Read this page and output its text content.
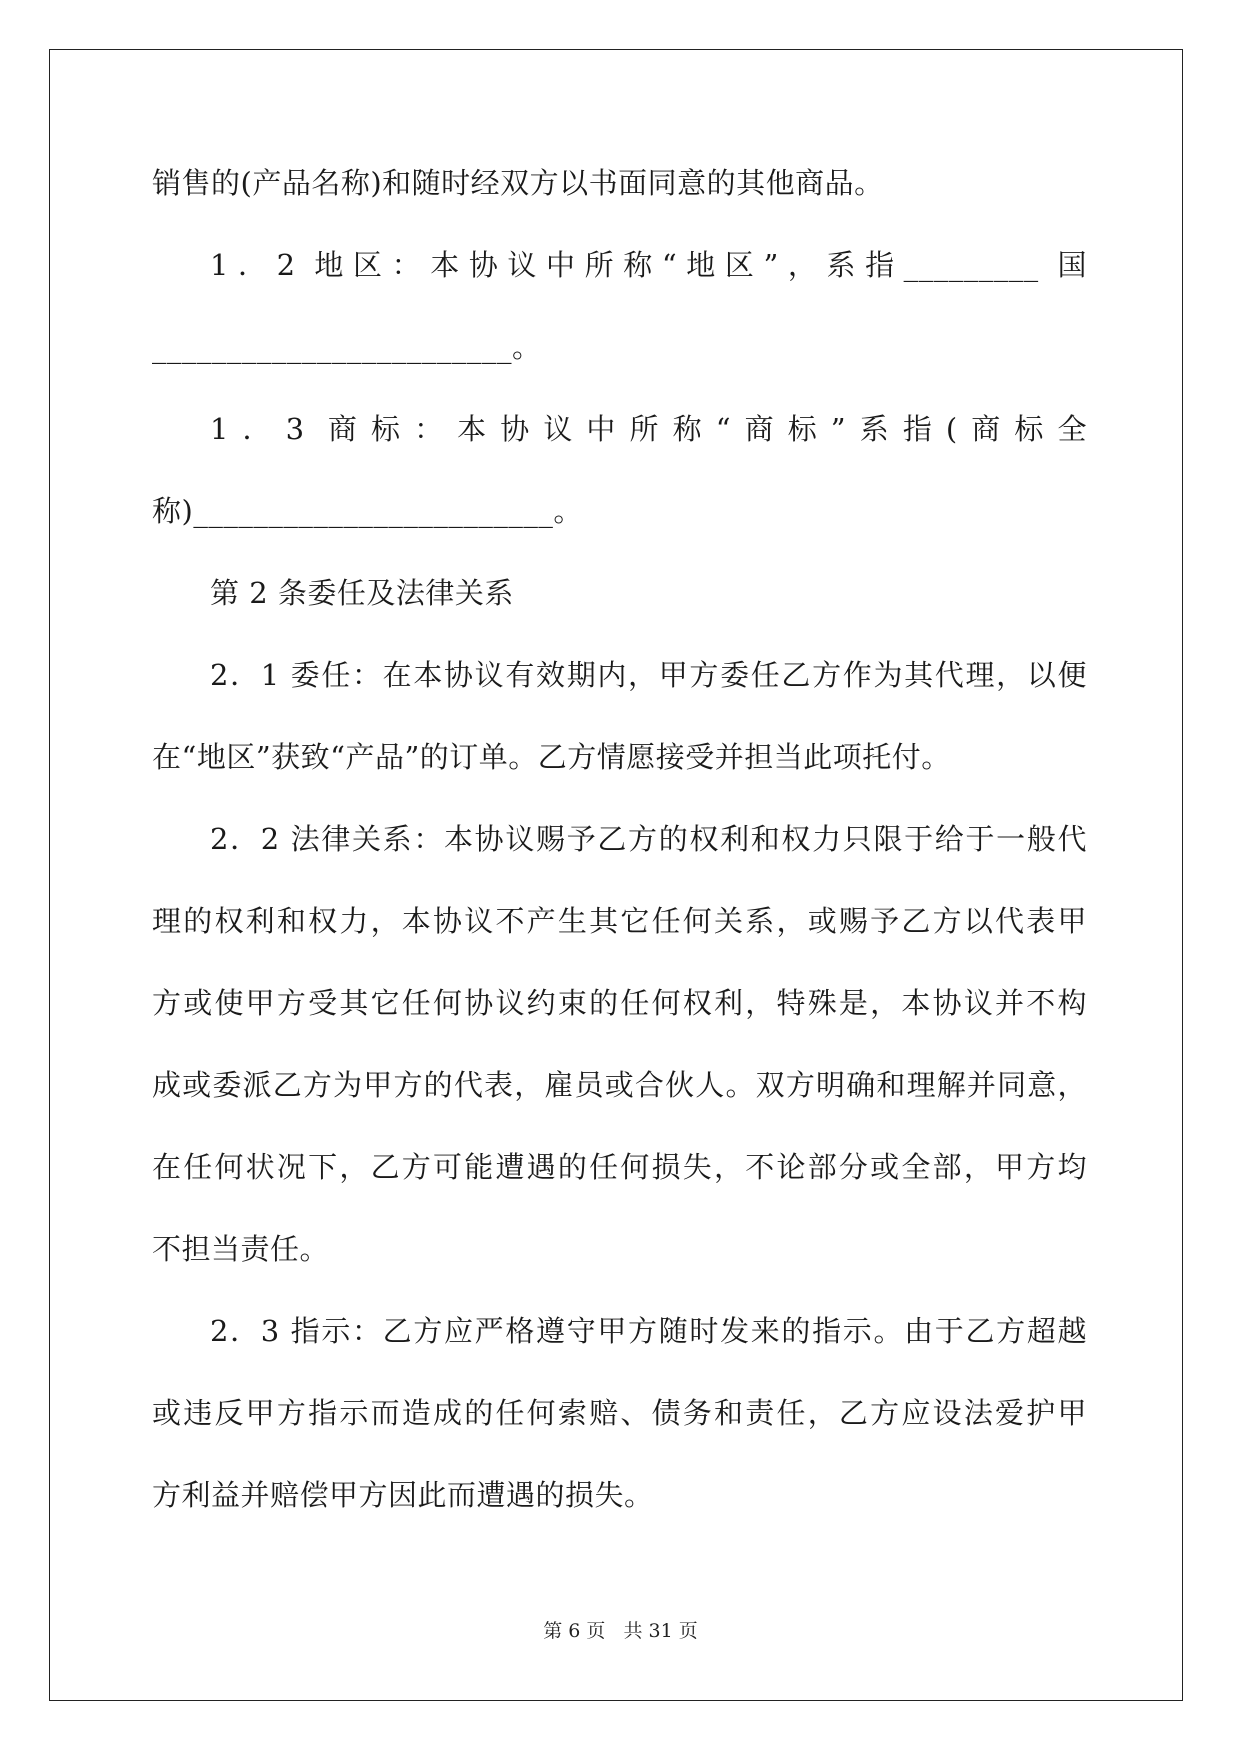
销售的(产品名称)和随时经双方以书面同意的其他商品。
1．2 地区：本协议中所称“地区”，系指_________ 国
________________________。
1．3 商标：本协议中所称“商标”系指(商标全
称)________________________。
第 2 条委任及法律关系
2．1 委任：在本协议有效期内，甲方委任乙方作为其代理，以便
在“地区”获致“产品”的订单。乙方情愿接受并担当此项托付。
2．2 法律关系：本协议赐予乙方的权利和权力只限于给于一般代
理的权利和权力，本协议不产生其它任何关系，或赐予乙方以代表甲
方或使甲方受其它任何协议约束的任何权利，特殊是，本协议并不构
成或委派乙方为甲方的代表，雇员或合伙人。双方明确和理解并同意，
在任何状况下，乙方可能遭遇的任何损失，不论部分或全部，甲方均
不担当责任。
2．3 指示：乙方应严格遵守甲方随时发来的指示。由于乙方超越
或违反甲方指示而造成的任何索赔、债务和责任，乙方应设法爱护甲
方利益并赔偿甲方因此而遭遇的损失。
第 6 页 共 31 页
